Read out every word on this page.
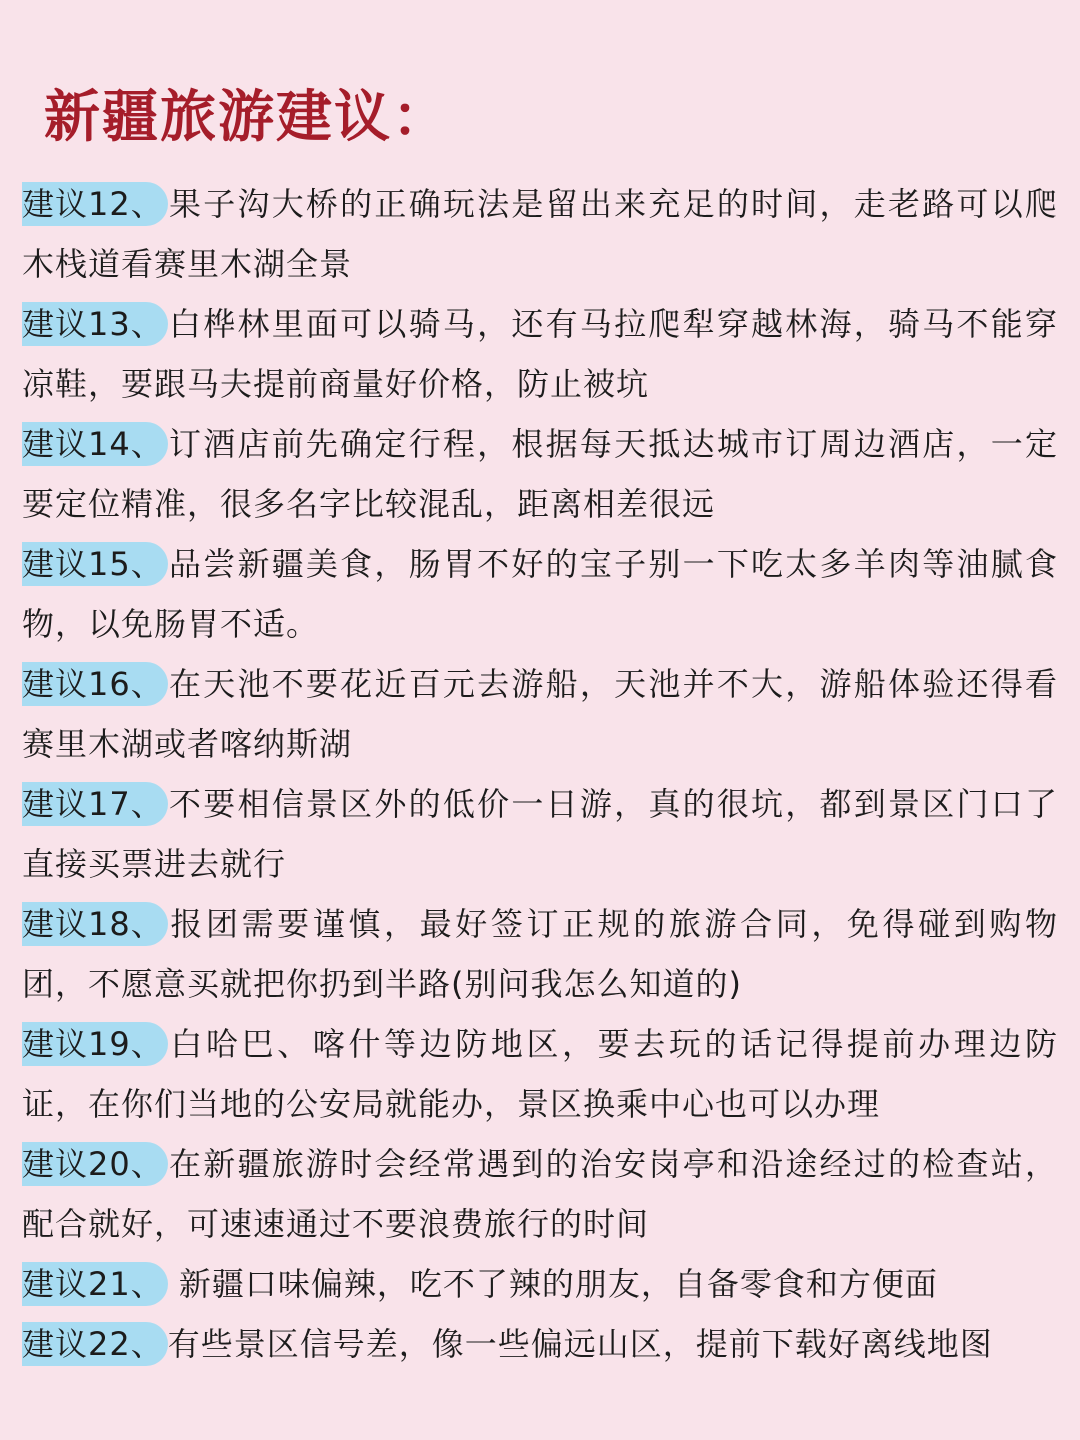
新疆旅游建议：
建议12、 果子沟大桥的正确玩法是留出来充足的时间，走老路可以爬木栈道看赛里木湖全景
建议13、 白桦林里面可以骑马，还有马拉爬犁穿越林海，骑马不能穿凉鞋，要跟马夫提前商量好价格，防止被坑
建议14、 订酒店前先确定行程，根据每天抵达城市订周边酒店，一定要定位精准，很多名字比较混乱，距离相差很远
建议15、 品尝新疆美食，肠胃不好的宝子别一下吃太多羊肉等油腻食物，以免肠胃不适。
建议16、 在天池不要花近百元去游船，天池并不大，游船体验还得看赛里木湖或者喀纳斯湖
建议17、 不要相信景区外的低价一日游，真的很坑，都到景区门口了直接买票进去就行
建议18、 报团需要谨慎，最好签订正规的旅游合同，免得碰到购物团，不愿意买就把你扔到半路(别问我怎么知道的)
建议19、 白哈巴、喀什等边防地区，要去玩的话记得提前办理边防证，在你们当地的公安局就能办，景区换乘中心也可以办理
建议20、 在新疆旅游时会经常遇到的治安岗亭和沿途经过的检查站，配合就好，可速速通过不要浪费旅行的时间
建议21、 新疆口味偏辣，吃不了辣的朋友，自备零食和方便面
建议22、 有些景区信号差，像一些偏远山区，提前下载好离线地图
